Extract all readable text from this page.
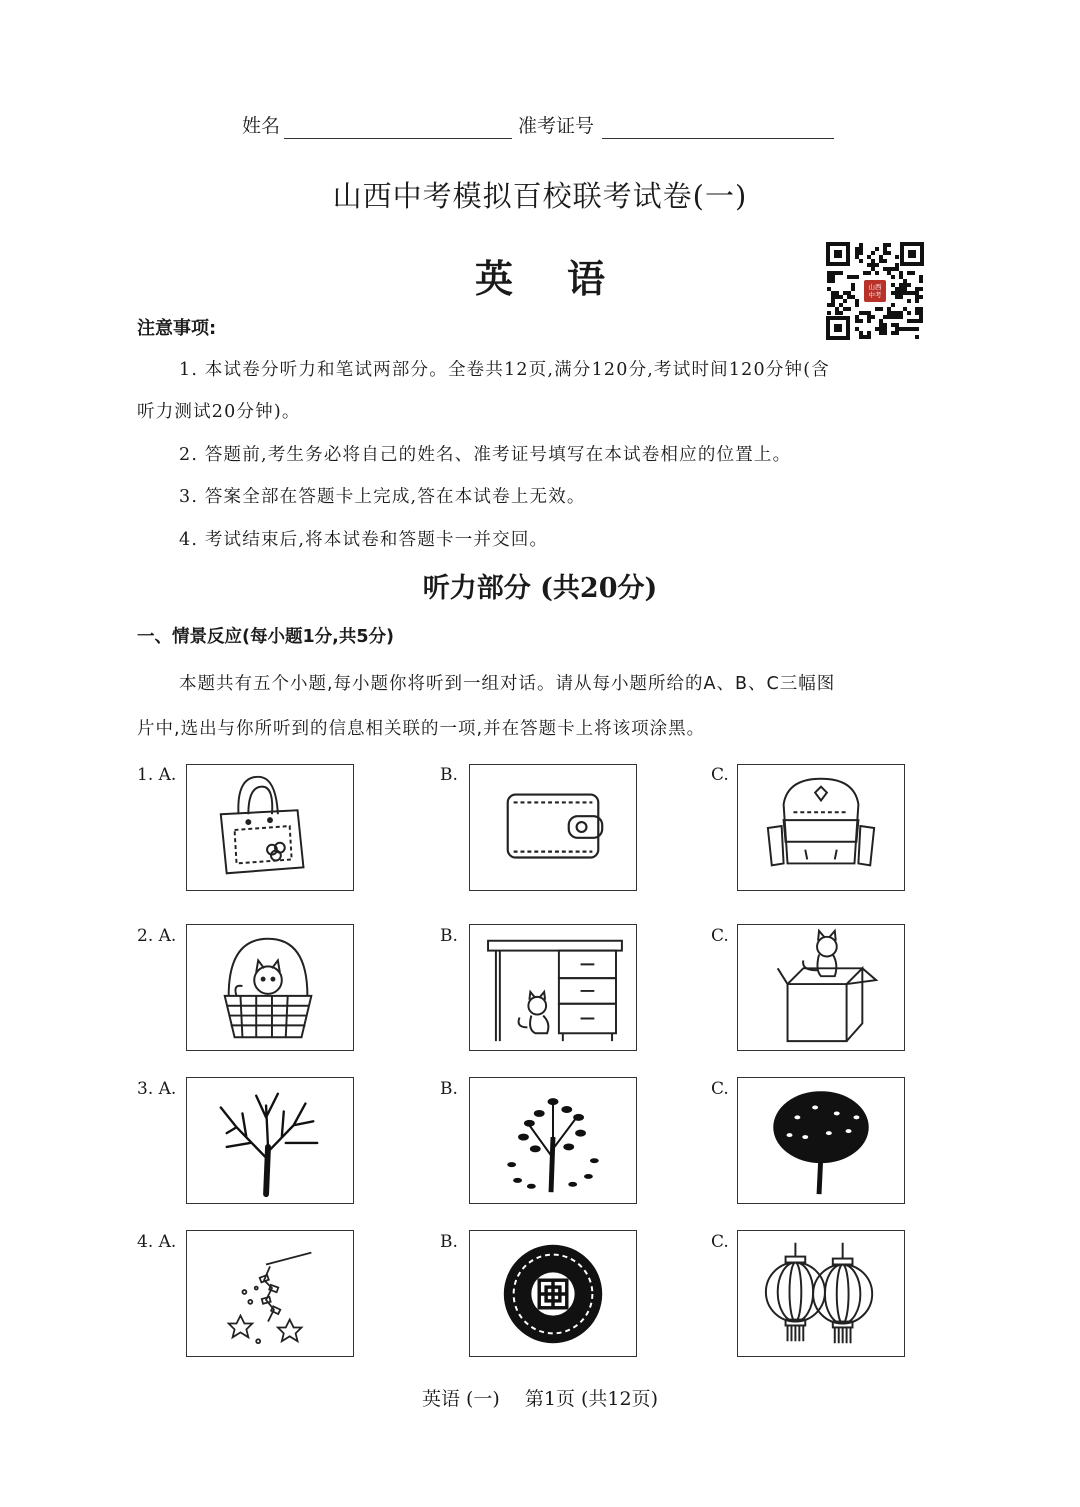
姓名	准考证号
山西中考模拟百校联考试卷(一)
英语	山西
中考
注意事项:
1. 本试卷分听力和笔试两部分。全卷共12页,满分120分,考试时间120分钟(含
听力测试20分钟)。
2. 答题前,考生务必将自己的姓名、准考证号填写在本试卷相应的位置上。
3. 答案全部在答题卡上完成,答在本试卷上无效。
4. 考试结束后,将本试卷和答题卡一并交回。
听力部分 (共20分)
一、情景反应(每小题1分,共5分)
本题共有五个小题,每小题你将听到一组对话。请从每小题所给的A、B、C三幅图
片中,选出与你所听到的信息相关联的一项,并在答题卡上将该项涂黑。
1. A.	B.	C.
2. A.	B.	C.
3. A.	B.	C.
4. A.	B.	C.
英语 (一)　 第1页 (共12页)
